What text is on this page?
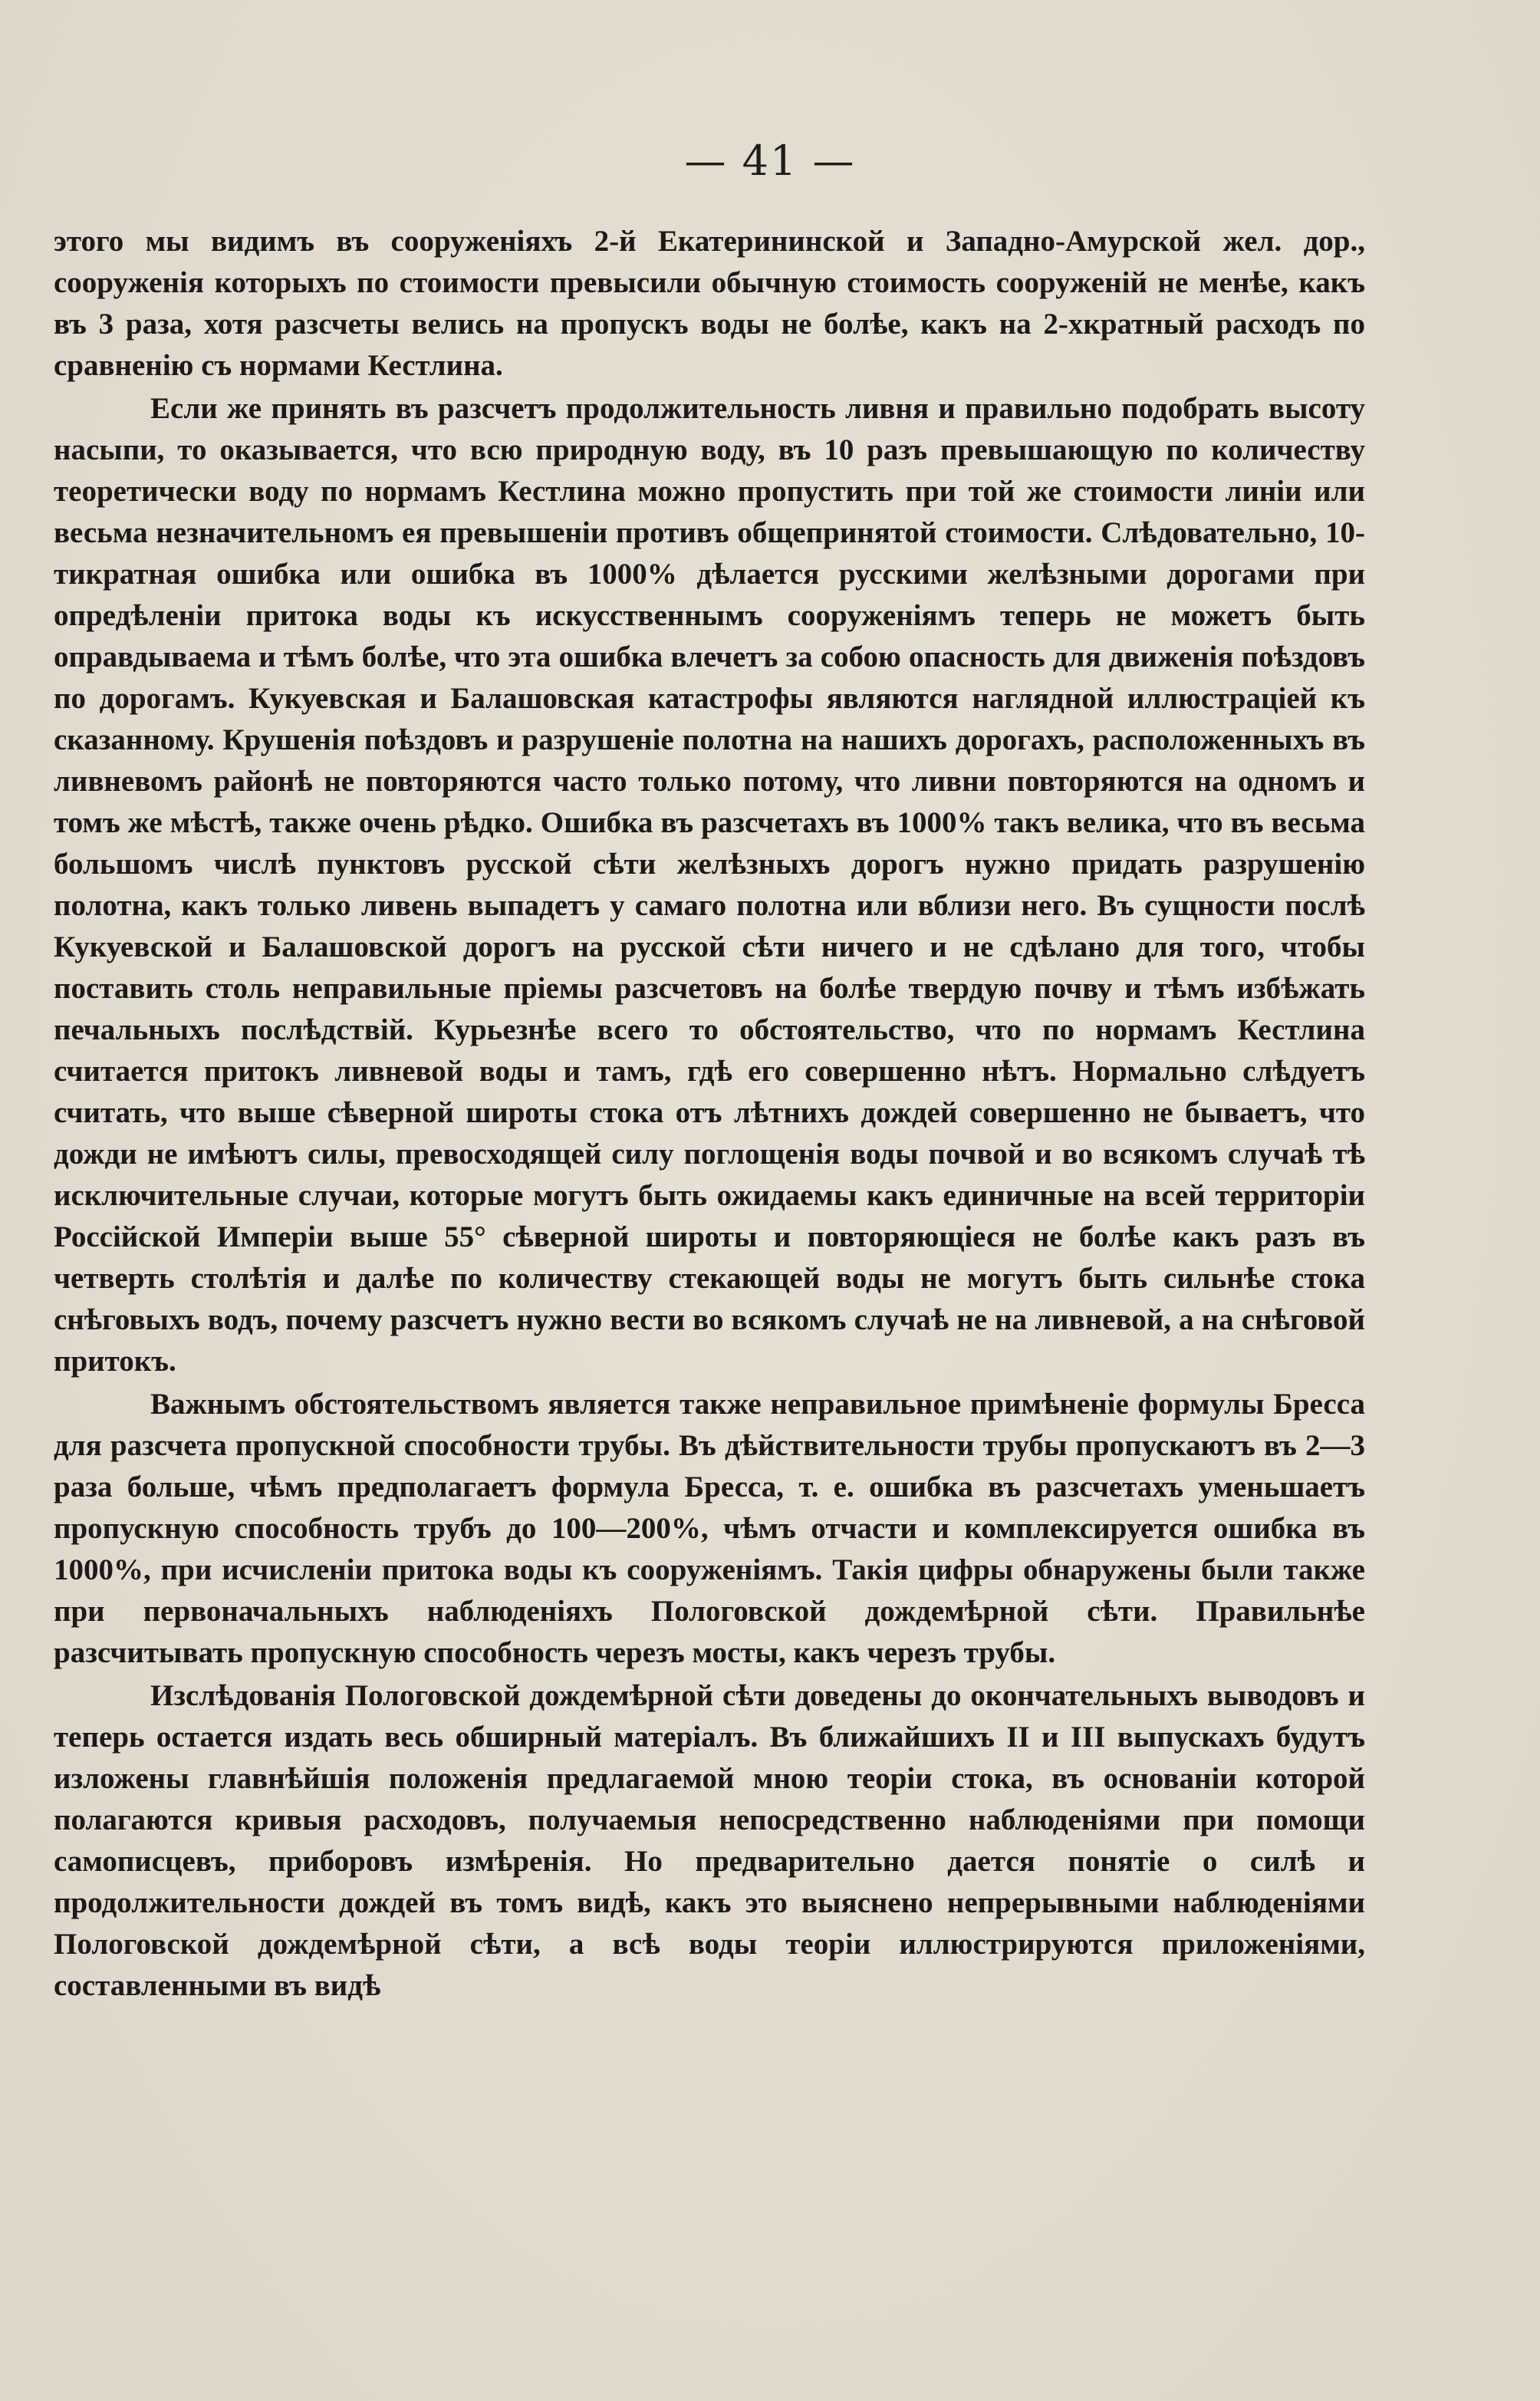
— 41 —

этого мы видимъ въ сооруженіяхъ 2-й Екатерининской и Западно-Амурской жел. дор., сооруженія которыхъ по стоимости превысили обычную стоимость сооруженій не менѣе, какъ въ 3 раза, хотя разсчеты велись на пропускъ воды не болѣе, какъ на 2-хкратный расходъ по сравненію съ нормами Кестлина.

Если же принять въ разсчетъ продолжительность ливня и правильно подобрать высоту насыпи, то оказывается, что всю природную воду, въ 10 разъ превышающую по количеству теоретически воду по нормамъ Кестлина можно пропустить при той же стоимости линіи или весьма незначительномъ ея превышеніи противъ общепринятой стоимости. Слѣдовательно, 10-тикратная ошибка или ошибка въ 1000% дѣлается русскими желѣзными дорогами при опредѣленіи притока воды къ искусственнымъ сооруженіямъ теперь не можетъ быть оправдываема и тѣмъ болѣе, что эта ошибка влечетъ за собою опасность для движенія поѣздовъ по дорогамъ. Кукуевская и Балашовская катастрофы являются наглядной иллюстраціей къ сказанному. Крушенія поѣздовъ и разрушеніе полотна на нашихъ дорогахъ, расположенныхъ въ ливневомъ районѣ не повторяются часто только потому, что ливни повторяются на одномъ и томъ же мѣстѣ, также очень рѣдко. Ошибка въ разсчетахъ въ 1000% такъ велика, что въ весьма большомъ числѣ пунктовъ русской сѣти желѣзныхъ дорогъ нужно придать разрушенію полотна, какъ только ливень выпадетъ у самаго полотна или вблизи него. Въ сущности послѣ Кукуевской и Балашовской дорогъ на русской сѣти ничего и не сдѣлано для того, чтобы поставить столь неправильные пріемы разсчетовъ на болѣе твердую почву и тѣмъ избѣжать печальныхъ послѣдствій. Курьезнѣе всего то обстоятельство, что по нормамъ Кестлина считается притокъ ливневой воды и тамъ, гдѣ его совершенно нѣтъ. Нормально слѣдуетъ считать, что выше сѣверной широты стока отъ лѣтнихъ дождей совершенно не бываетъ, что дожди не имѣютъ силы, превосходящей силу поглощенія воды почвой и во всякомъ случаѣ тѣ исключительные случаи, которые могутъ быть ожидаемы какъ единичные на всей территоріи Россійской Имперіи выше 55° сѣверной широты и повторяющіеся не болѣе какъ разъ въ четверть столѣтія и далѣе по количеству стекающей воды не могутъ быть сильнѣе стока снѣговыхъ водъ, почему разсчетъ нужно вести во всякомъ случаѣ не на ливневой, а на снѣговой притокъ.

Важнымъ обстоятельствомъ является также неправильное примѣненіе формулы Бресса для разсчета пропускной способности трубы. Въ дѣйствительности трубы пропускаютъ въ 2—3 раза больше, чѣмъ предполагаетъ формула Бресса, т. е. ошибка въ разсчетахъ уменьшаетъ пропускную способность трубъ до 100—200%, чѣмъ отчасти и комплексируется ошибка въ 1000%, при исчисленіи притока воды къ сооруженіямъ. Такія цифры обнаружены были также при первоначальныхъ наблюденіяхъ Пологовской дождемѣрной сѣти. Правильнѣе разсчитывать пропускную способность черезъ мосты, какъ черезъ трубы.

Изслѣдованія Пологовской дождемѣрной сѣти доведены до окончательныхъ выводовъ и теперь остается издать весь обширный матеріалъ. Въ ближайшихъ II и III выпускахъ будутъ изложены главнѣйшія положенія предлагаемой мною теоріи стока, въ основаніи которой полагаются кривыя расходовъ, получаемыя непосредственно наблюденіями при помощи самописцевъ, приборовъ измѣренія. Но предварительно дается понятіе о силѣ и продолжительности дождей въ томъ видѣ, какъ это выяснено непрерывными наблюденіями Пологовской дождемѣрной сѣти, а всѣ воды теоріи иллюстрируются приложеніями, составленными въ видѣ
